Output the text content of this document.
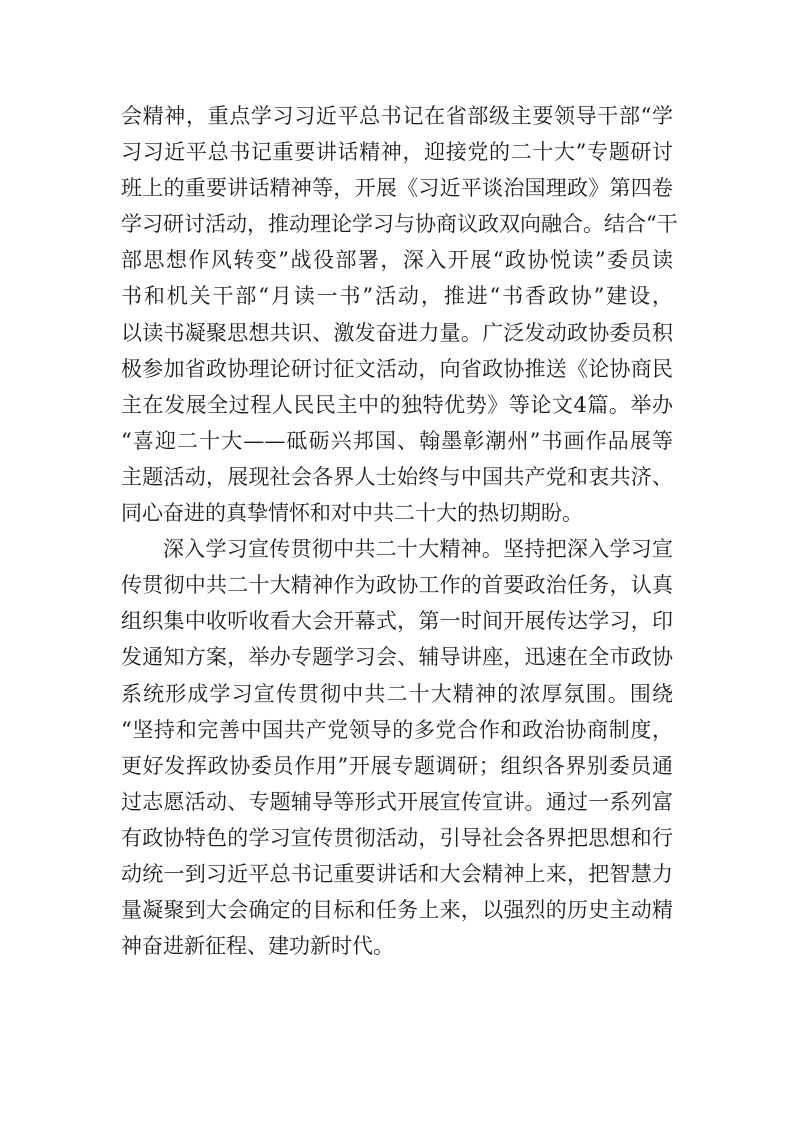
会精神，重点学习习近平总书记在省部级主要领导干部“学
习习近平总书记重要讲话精神，迎接党的二十大”专题研讨
班上的重要讲话精神等，开展《习近平谈治国理政》第四卷
学习研讨活动，推动理论学习与协商议政双向融合。结合“干
部思想作风转变”战役部署，深入开展“政协悦读”委员读
书和机关干部“月读一书”活动，推进“书香政协”建设，
以读书凝聚思想共识、激发奋进力量。广泛发动政协委员积
极参加省政协理论研讨征文活动，向省政协推送《论协商民
主在发展全过程人民民主中的独特优势》等论文4篇。举办
“喜迎二十大——砥砺兴邦国、翰墨彰潮州”书画作品展等
主题活动，展现社会各界人士始终与中国共产党和衷共济、
同心奋进的真挚情怀和对中共二十大的热切期盼。
深入学习宣传贯彻中共二十大精神。坚持把深入学习宣
传贯彻中共二十大精神作为政协工作的首要政治任务，认真
组织集中收听收看大会开幕式，第一时间开展传达学习，印
发通知方案，举办专题学习会、辅导讲座，迅速在全市政协
系统形成学习宣传贯彻中共二十大精神的浓厚氛围。围绕
“坚持和完善中国共产党领导的多党合作和政治协商制度，
更好发挥政协委员作用”开展专题调研；组织各界别委员通
过志愿活动、专题辅导等形式开展宣传宣讲。通过一系列富
有政协特色的学习宣传贯彻活动，引导社会各界把思想和行
动统一到习近平总书记重要讲话和大会精神上来，把智慧力
量凝聚到大会确定的目标和任务上来，以强烈的历史主动精
神奋进新征程、建功新时代。
